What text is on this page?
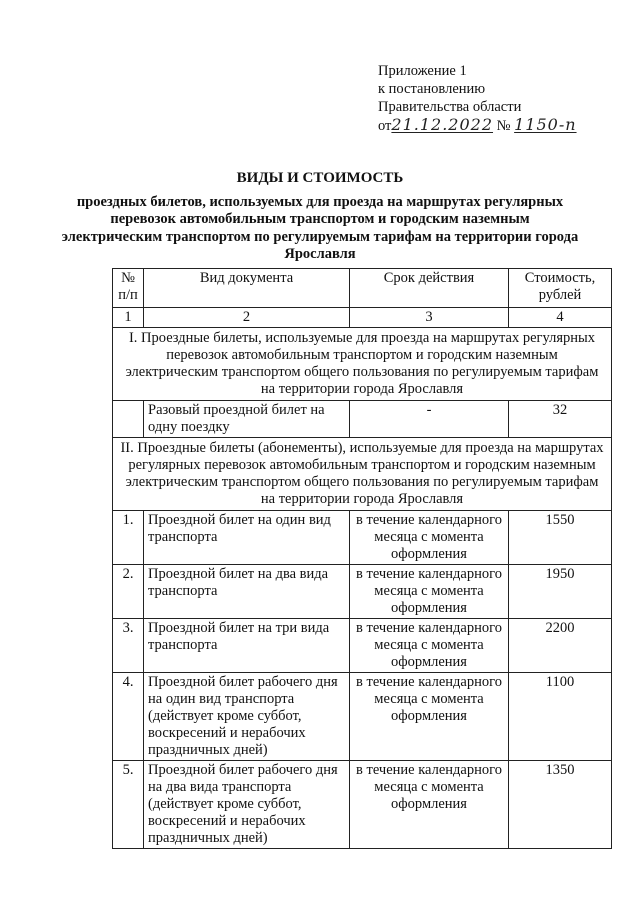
Приложение 1
к постановлению
Правительства области
от21.12.2022 № 1150-п
ВИДЫ И СТОИМОСТЬ
проездных билетов, используемых для проезда на маршрутах регулярных перевозок автомобильным транспортом и городским наземным электрическим транспортом по регулируемым тарифам на территории города Ярославля
№ п/п	Вид документа	Срок действия	Стоимость, рублей
1	2	3	4
I. Проездные билеты, используемые для проезда на маршрутах регулярных перевозок автомобильным транспортом и городским наземным электрическим транспортом общего пользования по регулируемым тарифам на территории города Ярославля			
	Разовый проездной билет на одну поездку	-	32
II. Проездные билеты (абонементы), используемые для проезда на маршрутах регулярных перевозок автомобильным транспортом и городским наземным электрическим транспортом общего пользования по регулируемым тарифам на территории города Ярославля			
1.	Проездной билет на один вид транспорта	в течение календарного месяца с момента оформления	1550
2.	Проездной билет на два вида транспорта	в течение календарного месяца с момента оформления	1950
3.	Проездной билет на три вида транспорта	в течение календарного месяца с момента оформления	2200
4.	Проездной билет рабочего дня на один вид транспорта (действует кроме суббот, воскресений и нерабочих праздничных дней)	в течение календарного месяца с момента оформления	1100
5.	Проездной билет рабочего дня на два вида транспорта (действует кроме суббот, воскресений и нерабочих праздничных дней)	в течение календарного месяца с момента оформления	1350
